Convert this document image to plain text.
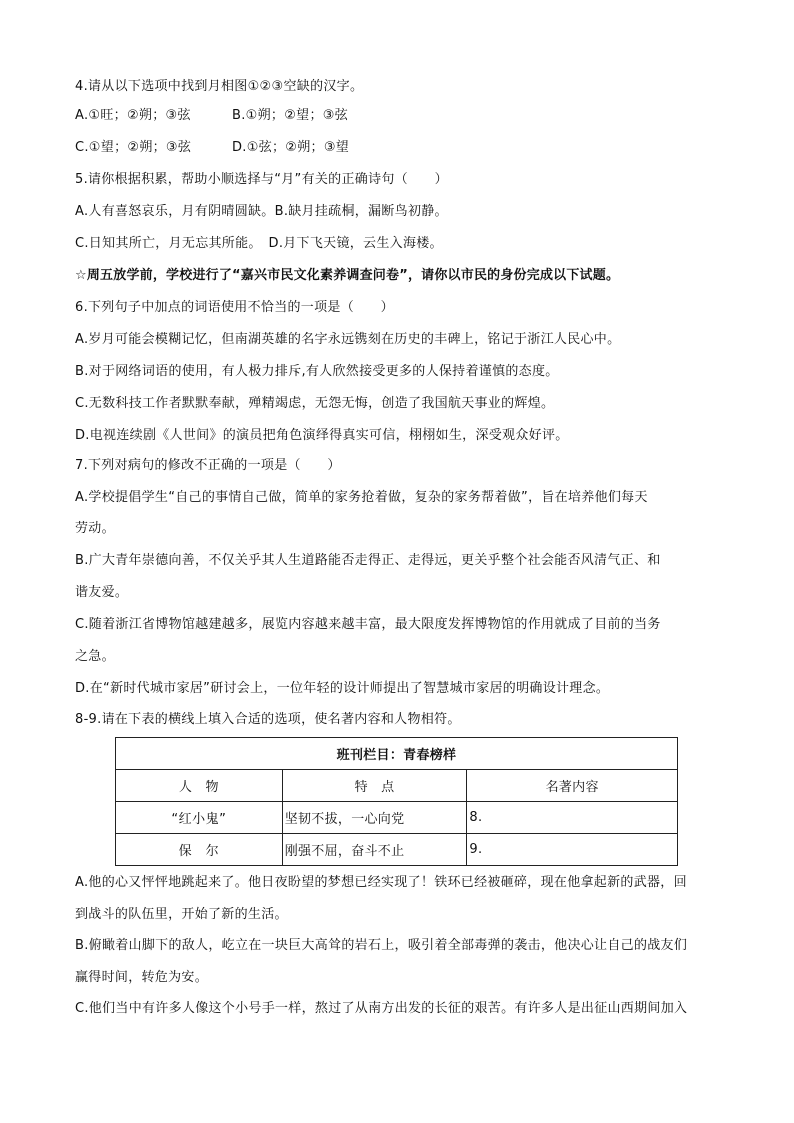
4.请从以下选项中找到月相图①②③空缺的汉字。
A.①旺；②朔；③弦	B.①朔；②望；③弦
C.①望；②朔；③弦	D.①弦；②朔；③望
5.请你根据积累，帮助小顺选择与“月”有关的正确诗句（　　）
A.人有喜怒哀乐，月有阴晴圆缺。B.缺月挂疏桐，漏断鸟初静。
C.日知其所亡，月无忘其所能。　D.月下飞天镜，云生入海楼。
☆周五放学前，学校进行了“嘉兴市民文化素养调查问卷”，请你以市民的身份完成以下试题。
6.下列句子中加点的词语使用不恰当的一项是（　　）
A.岁月可能会模糊记忆，但南湖英雄的名字永远镌刻在历史的丰碑上，铭记于浙江人民心中。
B.对于网络词语的使用，有人极力排斥,有人欣然接受更多的人保持着谨慎的态度。
C.无数科技工作者默默奉献，殚精竭虑，无怨无悔，创造了我国航天事业的辉煌。
D.电视连续剧《人世间》的演员把角色演绎得真实可信，栩栩如生，深受观众好评。
7.下列对病句的修改不正确的一项是（　　）
A.学校提倡学生“自己的事情自己做，简单的家务抢着做，复杂的家务帮着做”，旨在培养他们每天
劳动。
B.广大青年崇德向善，不仅关乎其人生道路能否走得正、走得远，更关乎整个社会能否风清气正、和
谐友爱。
C.随着浙江省博物馆越建越多，展览内容越来越丰富，最大限度发挥博物馆的作用就成了目前的当务
之急。
D.在“新时代城市家居”研讨会上，一位年轻的设计师提出了智慧城市家居的明确设计理念。
8-9.请在下表的横线上填入合适的选项，使名著内容和人物相符。
班刊栏目：青春榜样		
人　物	特　点	名著内容
“红小鬼”	坚韧不拔，一心向党	8.
保　尔	刚强不屈，奋斗不止	9.
A.他的心又怦怦地跳起来了。他日夜盼望的梦想已经实现了！铁环已经被砸碎，现在他拿起新的武器，回
到战斗的队伍里，开始了新的生活。
B.俯瞰着山脚下的敌人，屹立在一块巨大高耸的岩石上，吸引着全部毒弹的袭击，他决心让自己的战友们
赢得时间，转危为安。
C.他们当中有许多人像这个小号手一样，熬过了从南方出发的长征的艰苦。有许多人是出征山西期间加入
